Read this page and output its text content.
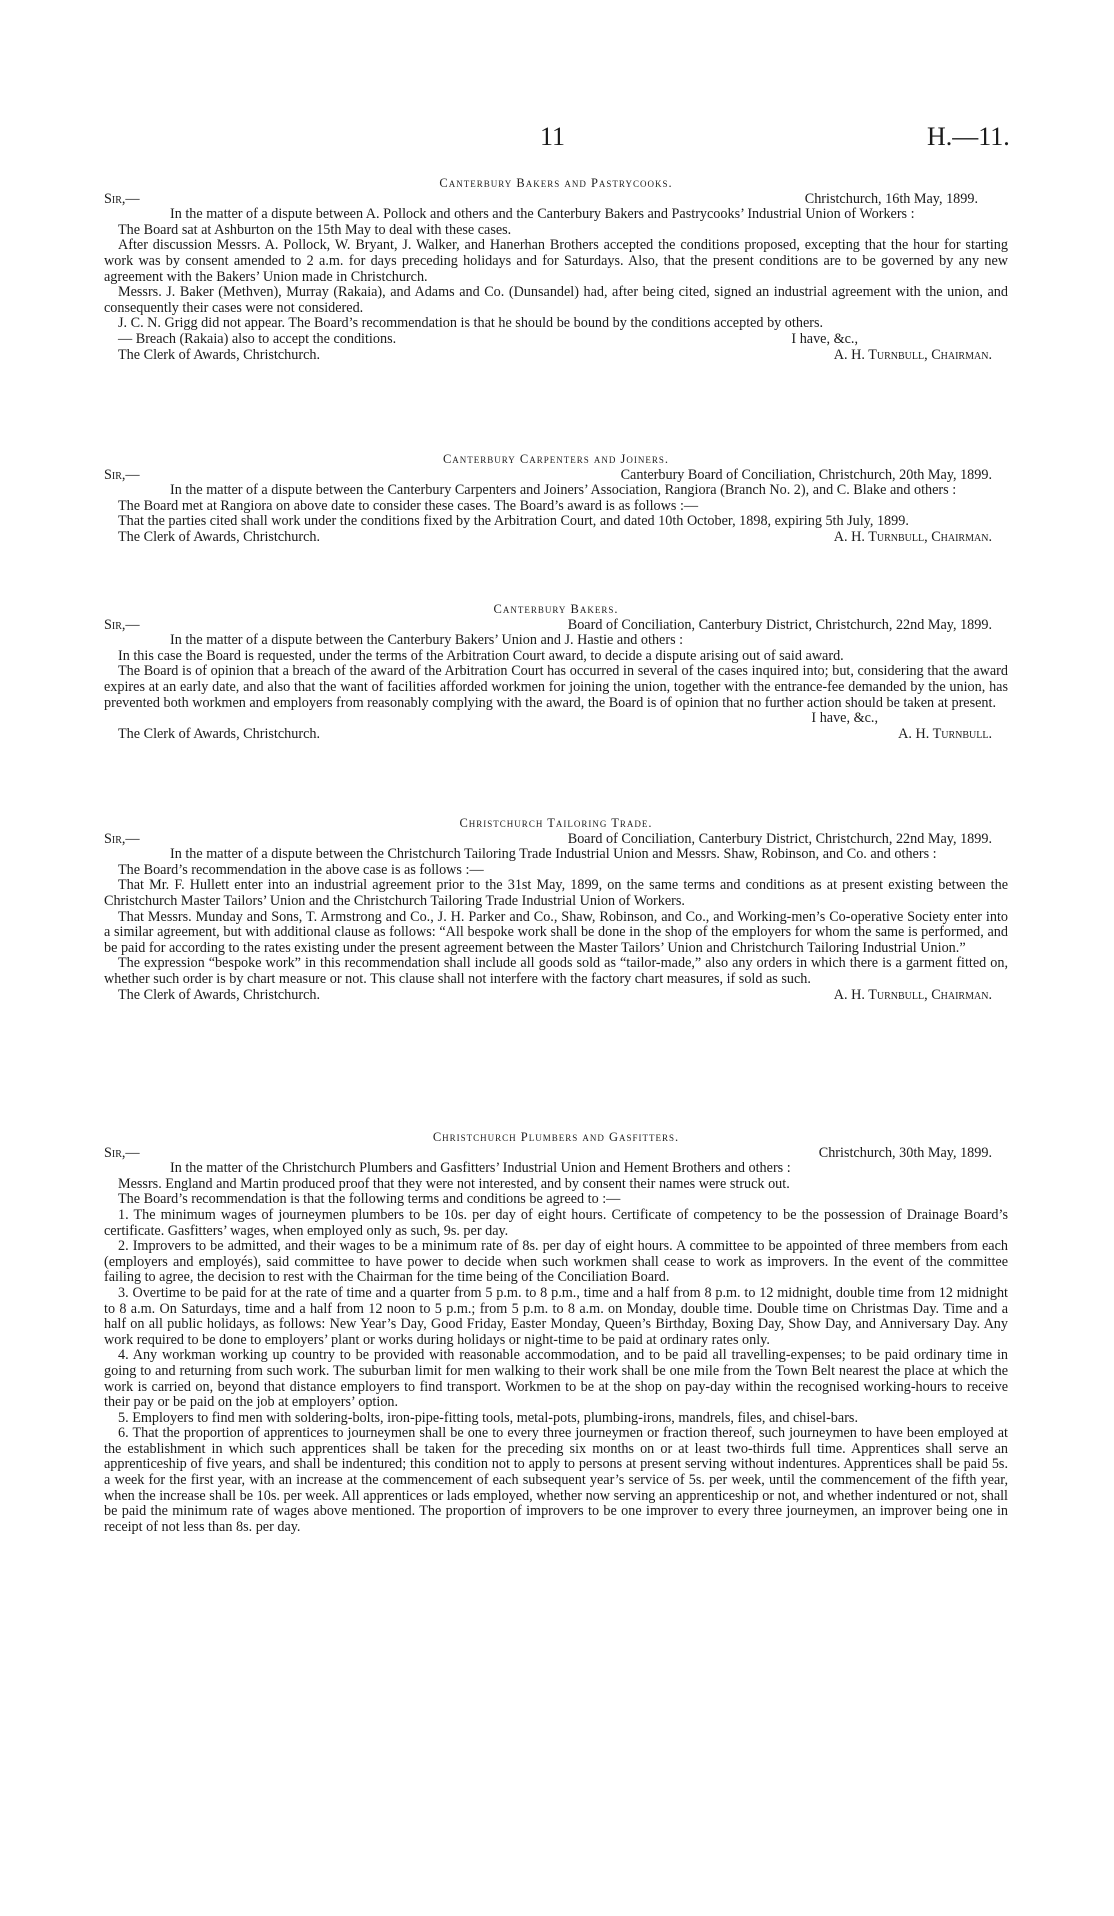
11	H.—11.

Canterbury Bakers and Pastrycooks.

Sir,—	Christchurch, 16th May, 1899.

In the matter of a dispute between A. Pollock and others and the Canterbury Bakers and Pastrycooks’ Industrial Union of Workers :

The Board sat at Ashburton on the 15th May to deal with these cases.

After discussion Messrs. A. Pollock, W. Bryant, J. Walker, and Hanerhan Brothers accepted the conditions proposed, excepting that the hour for starting work was by consent amended to 2 a.m. for days preceding holidays and for Saturdays. Also, that the present conditions are to be governed by any new agreement with the Bakers’ Union made in Christchurch.

Messrs. J. Baker (Methven), Murray (Rakaia), and Adams and Co. (Dunsandel) had, after being cited, signed an industrial agreement with the union, and consequently their cases were not considered.

J. C. N. Grigg did not appear. The Board’s recommendation is that he should be bound by the conditions accepted by others.

— Breach (Rakaia) also to accept the conditions.	I have, &c.,
The Clerk of Awards, Christchurch.	A. H. Turnbull, Chairman.

Canterbury Carpenters and Joiners.

Sir,—	Canterbury Board of Conciliation, Christchurch, 20th May, 1899.

In the matter of a dispute between the Canterbury Carpenters and Joiners’ Association, Rangiora (Branch No. 2), and C. Blake and others :

The Board met at Rangiora on above date to consider these cases. The Board’s award is as follows :—

That the parties cited shall work under the conditions fixed by the Arbitration Court, and dated 10th October, 1898, expiring 5th July, 1899.

The Clerk of Awards, Christchurch.	A. H. Turnbull, Chairman.

Canterbury Bakers.

Sir,—	Board of Conciliation, Canterbury District, Christchurch, 22nd May, 1899.

In the matter of a dispute between the Canterbury Bakers’ Union and J. Hastie and others :

In this case the Board is requested, under the terms of the Arbitration Court award, to decide a dispute arising out of said award.

The Board is of opinion that a breach of the award of the Arbitration Court has occurred in several of the cases inquired into; but, considering that the award expires at an early date, and also that the want of facilities afforded workmen for joining the union, together with the entrance-fee demanded by the union, has prevented both workmen and employers from reasonably complying with the award, the Board is of opinion that no further action should be taken at present.

I have, &c.,
The Clerk of Awards, Christchurch.	A. H. Turnbull.

Christchurch Tailoring Trade.

Sir,—	Board of Conciliation, Canterbury District, Christchurch, 22nd May, 1899.

In the matter of a dispute between the Christchurch Tailoring Trade Industrial Union and Messrs. Shaw, Robinson, and Co. and others :

The Board’s recommendation in the above case is as follows :—

That Mr. F. Hullett enter into an industrial agreement prior to the 31st May, 1899, on the same terms and conditions as at present existing between the Christchurch Master Tailors’ Union and the Christchurch Tailoring Trade Industrial Union of Workers.

That Messrs. Munday and Sons, T. Armstrong and Co., J. H. Parker and Co., Shaw, Robinson, and Co., and Working-men’s Co-operative Society enter into a similar agreement, but with additional clause as follows: “All bespoke work shall be done in the shop of the employers for whom the same is performed, and be paid for according to the rates existing under the present agreement between the Master Tailors’ Union and Christchurch Tailoring Industrial Union.”

The expression “bespoke work” in this recommendation shall include all goods sold as “tailor-made,” also any orders in which there is a garment fitted on, whether such order is by chart measure or not. This clause shall not interfere with the factory chart measures, if sold as such.

The Clerk of Awards, Christchurch.	A. H. Turnbull, Chairman.

Christchurch Plumbers and Gasfitters.

Sir,—	Christchurch, 30th May, 1899.

In the matter of the Christchurch Plumbers and Gasfitters’ Industrial Union and Hement Brothers and others :

Messrs. England and Martin produced proof that they were not interested, and by consent their names were struck out.

The Board’s recommendation is that the following terms and conditions be agreed to :—

1. The minimum wages of journeymen plumbers to be 10s. per day of eight hours. Certificate of competency to be the possession of Drainage Board’s certificate. Gasfitters’ wages, when employed only as such, 9s. per day.

2. Improvers to be admitted, and their wages to be a minimum rate of 8s. per day of eight hours. A committee to be appointed of three members from each (employers and employés), said committee to have power to decide when such workmen shall cease to work as improvers. In the event of the committee failing to agree, the decision to rest with the Chairman for the time being of the Conciliation Board.

3. Overtime to be paid for at the rate of time and a quarter from 5 p.m. to 8 p.m., time and a half from 8 p.m. to 12 midnight, double time from 12 midnight to 8 a.m. On Saturdays, time and a half from 12 noon to 5 p.m.; from 5 p.m. to 8 a.m. on Monday, double time. Double time on Christmas Day. Time and a half on all public holidays, as follows: New Year’s Day, Good Friday, Easter Monday, Queen’s Birthday, Boxing Day, Show Day, and Anniversary Day. Any work required to be done to employers’ plant or works during holidays or night-time to be paid at ordinary rates only.

4. Any workman working up country to be provided with reasonable accommodation, and to be paid all travelling-expenses; to be paid ordinary time in going to and returning from such work. The suburban limit for men walking to their work shall be one mile from the Town Belt nearest the place at which the work is carried on, beyond that distance employers to find transport. Workmen to be at the shop on pay-day within the recognised working-hours to receive their pay or be paid on the job at employers’ option.

5. Employers to find men with soldering-bolts, iron-pipe-fitting tools, metal-pots, plumbing-irons, mandrels, files, and chisel-bars.

6. That the proportion of apprentices to journeymen shall be one to every three journeymen or fraction thereof, such journeymen to have been employed at the establishment in which such apprentices shall be taken for the preceding six months on or at least two-thirds full time. Apprentices shall serve an apprenticeship of five years, and shall be indentured; this condition not to apply to persons at present serving without indentures. Apprentices shall be paid 5s. a week for the first year, with an increase at the commencement of each subsequent year’s service of 5s. per week, until the commencement of the fifth year, when the increase shall be 10s. per week. All apprentices or lads employed, whether now serving an apprenticeship or not, and whether indentured or not, shall be paid the minimum rate of wages above mentioned. The proportion of improvers to be one improver to every three journeymen, an improver being one in receipt of not less than 8s. per day.
